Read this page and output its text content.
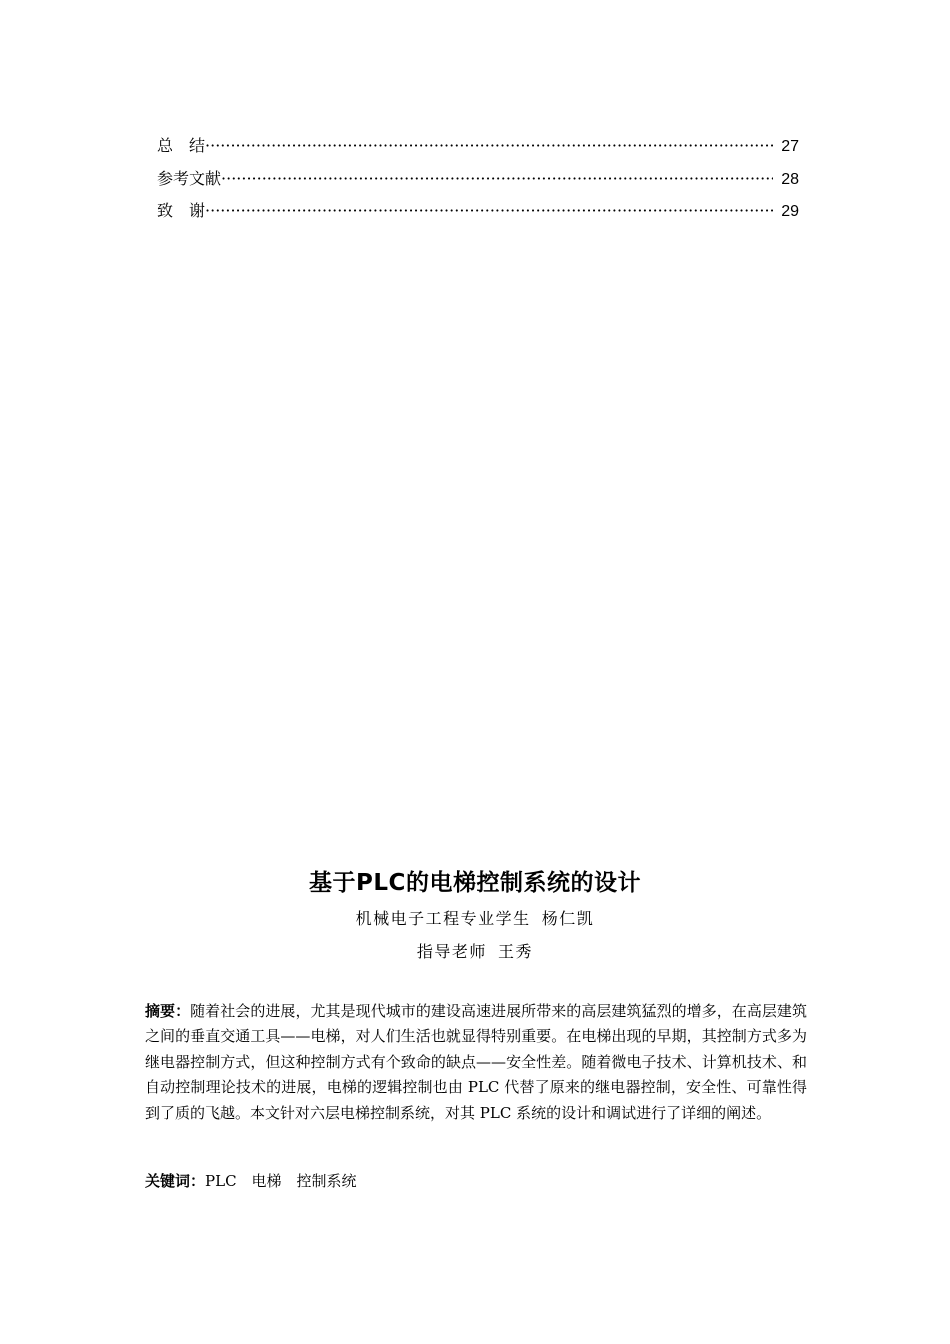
总　结 ·····	27
参考文献 ·····	28
致　谢 ·····	29
基于PLC的电梯控制系统的设计
机械电子工程专业学生 杨仁凯
指导老师 王秀
摘要：随着社会的进展，尤其是现代城市的建设高速进展所带来的高层建筑猛烈的增多，在高层建筑之间的垂直交通工具——电梯，对人们生活也就显得特别重要。在电梯出现的早期，其控制方式多为继电器控制方式，但这种控制方式有个致命的缺点——安全性差。随着微电子技术、计算机技术、和自动控制理论技术的进展，电梯的逻辑控制也由 PLC 代替了原来的继电器控制，安全性、可靠性得到了质的飞越。本文针对六层电梯控制系统，对其 PLC 系统的设计和调试进行了详细的阐述。
关键词：PLC　电梯　控制系统
